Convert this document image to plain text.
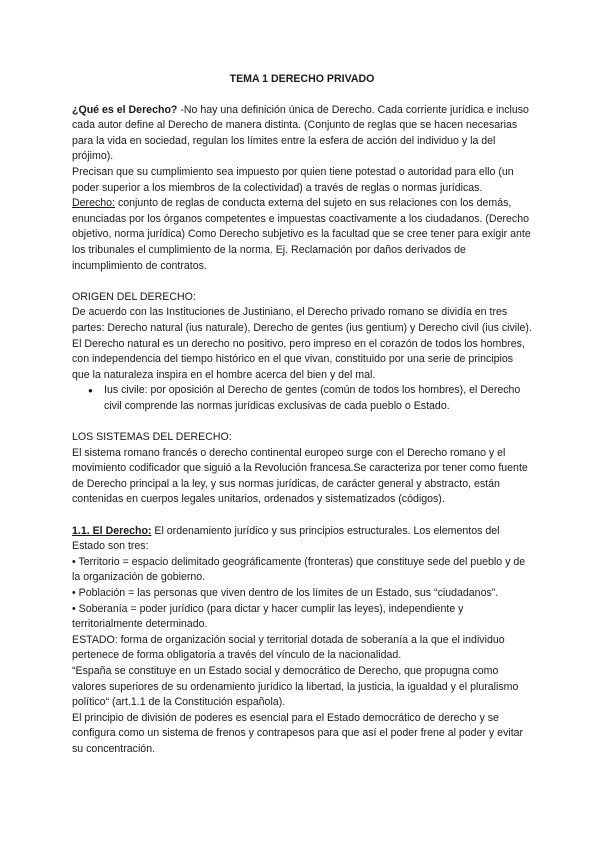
TEMA 1 DERECHO PRIVADO

¿Qué es el Derecho? -No hay una definición única de Derecho. Cada corriente jurídica e incluso cada autor define al Derecho de manera distinta. (Conjunto de reglas que se hacen necesarias para la vida en sociedad, regulan los límites entre la esfera de acción del individuo y la del prójimo).

Precisan que su cumplimiento sea impuesto por quien tiene potestad o autoridad para ello (un poder superior a los miembros de la colectividad) a través de reglas o normas jurídicas.

Derecho: conjunto de reglas de conducta externa del sujeto en sus relaciones con los demás, enunciadas por los órganos competentes e impuestas coactivamente a los ciudadanos. (Derecho objetivo, norma jurídica) Como Derecho subjetivo es la facultad que se cree tener para exigir ante los tribunales el cumplimiento de la norma. Ej. Reclamación por daños derivados de incumplimiento de contratos.

ORIGEN DEL DERECHO:

De acuerdo con las Instituciones de Justiniano, el Derecho privado romano se dividía en tres partes: Derecho natural (ius naturale), Derecho de gentes (ius gentium) y Derecho civil (ius civile). El Derecho natural es un derecho no positivo, pero impreso en el corazón de todos los hombres, con independencia del tiempo histórico en el que vivan, constituido por una serie de principios que la naturaleza inspira en el hombre acerca del bien y del mal.

● Ius civile: por oposición al Derecho de gentes (común de todos los hombres), el Derecho civil comprende las normas jurídicas exclusivas de cada pueblo o Estado.

LOS SISTEMAS DEL DERECHO:

El sistema romano francés o derecho continental europeo surge con el Derecho romano y el movimiento codificador que siguió a la Revolución francesa.Se caracteriza por tener como fuente de Derecho principal a la ley, y sus normas jurídicas, de carácter general y abstracto, están contenidas en cuerpos legales unitarios, ordenados y sistematizados (códigos).

1.1. El Derecho: El ordenamiento jurídico y sus principios estructurales. Los elementos del Estado son tres:

• Territorio = espacio delimitado geográficamente (fronteras) que constituye sede del pueblo y de la organización de gobierno.

• Población = las personas que viven dentro de los límites de un Estado, sus “ciudadanos”.

• Soberanía = poder jurídico (para dictar y hacer cumplir las leyes), independiente y territorialmente determinado.

ESTADO: forma de organización social y territorial dotada de soberanía a la que el individuo pertenece de forma obligatoria a través del vínculo de la nacionalidad.

“España se constituye en un Estado social y democrático de Derecho, que propugna como valores superiores de su ordenamiento jurídico la libertad, la justicia, la igualdad y el pluralismo político“ (art.1.1 de la Constitución española).

El principio de división de poderes es esencial para el Estado democrático de derecho y se configura como un sistema de frenos y contrapesos para que así el poder frene al poder y evitar su concentración.
